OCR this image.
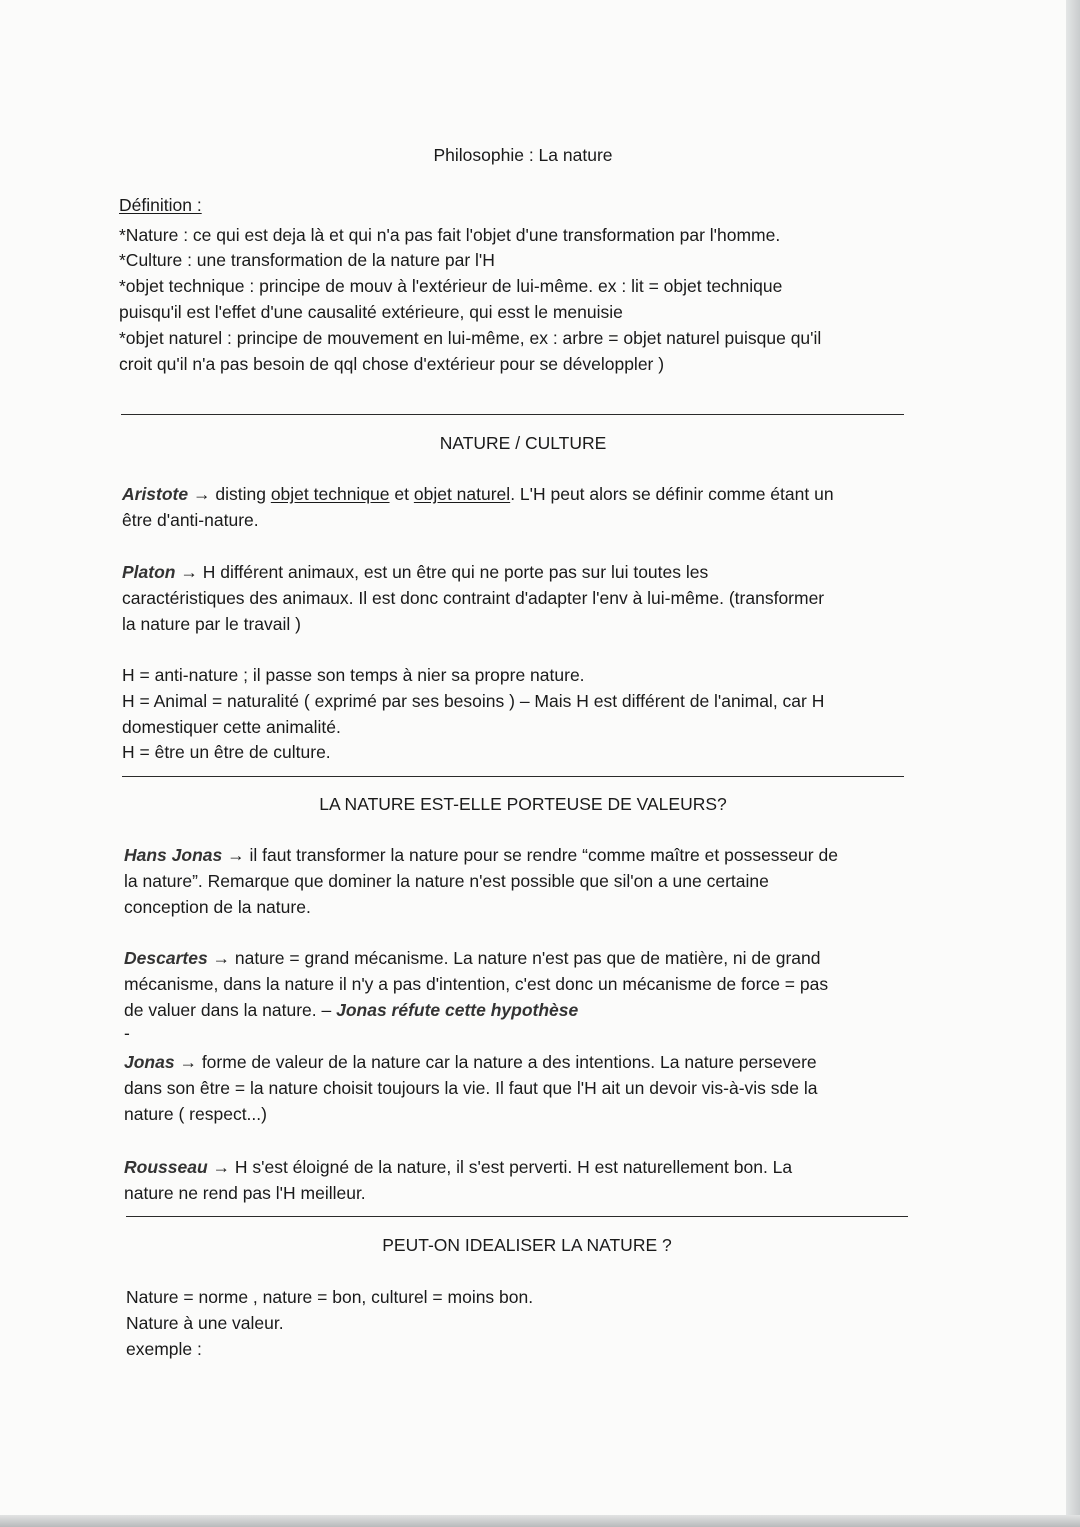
Philosophie : La nature
Définition :
*Nature : ce qui est deja là et qui n'a pas fait l'objet d'une transformation par l'homme.
*Culture : une transformation de la nature par l'H
*objet technique : principe de mouv à l'extérieur de lui-même. ex : lit = objet technique
puisqu'il est l'effet d'une causalité extérieure, qui esst le menuisie
*objet naturel : principe de mouvement en lui-même, ex : arbre = objet naturel puisque qu'il
croit qu'il n'a pas besoin de qql chose d'extérieur pour se développler )
NATURE / CULTURE
Aristote → disting objet technique et objet naturel. L'H peut alors se définir comme étant un
être d'anti-nature.
Platon → H différent animaux, est un être qui ne porte pas sur lui toutes les
caractéristiques des animaux. Il est donc contraint d'adapter l'env à lui-même. (transformer
la nature par le travail )
H = anti-nature ; il passe son temps à nier sa propre nature.
H = Animal = naturalité ( exprimé par ses besoins ) – Mais H est différent de l'animal, car H
domestiquer cette animalité.
H = être un être de culture.
LA NATURE EST-ELLE PORTEUSE DE VALEURS?
Hans Jonas → il faut transformer la nature pour se rendre “comme maître et possesseur de
la nature”. Remarque que dominer la nature n'est possible que sil'on a une certaine
conception de la nature.
Descartes → nature = grand mécanisme. La nature n'est pas que de matière, ni de grand
mécanisme, dans la nature il n'y a pas d'intention, c'est donc un mécanisme de force = pas
de valuer dans la nature. – Jonas réfute cette hypothèse
-
Jonas → forme de valeur de la nature car la nature a des intentions. La nature persevere
dans son être = la nature choisit toujours la vie. Il faut que l'H ait un devoir vis-à-vis sde la
nature ( respect...)
Rousseau → H s'est éloigné de la nature, il s'est perverti. H est naturellement bon. La
nature ne rend pas l'H meilleur.
PEUT-ON IDEALISER LA NATURE ?
Nature = norme , nature = bon, culturel = moins bon.
Nature à une valeur.
exemple :
